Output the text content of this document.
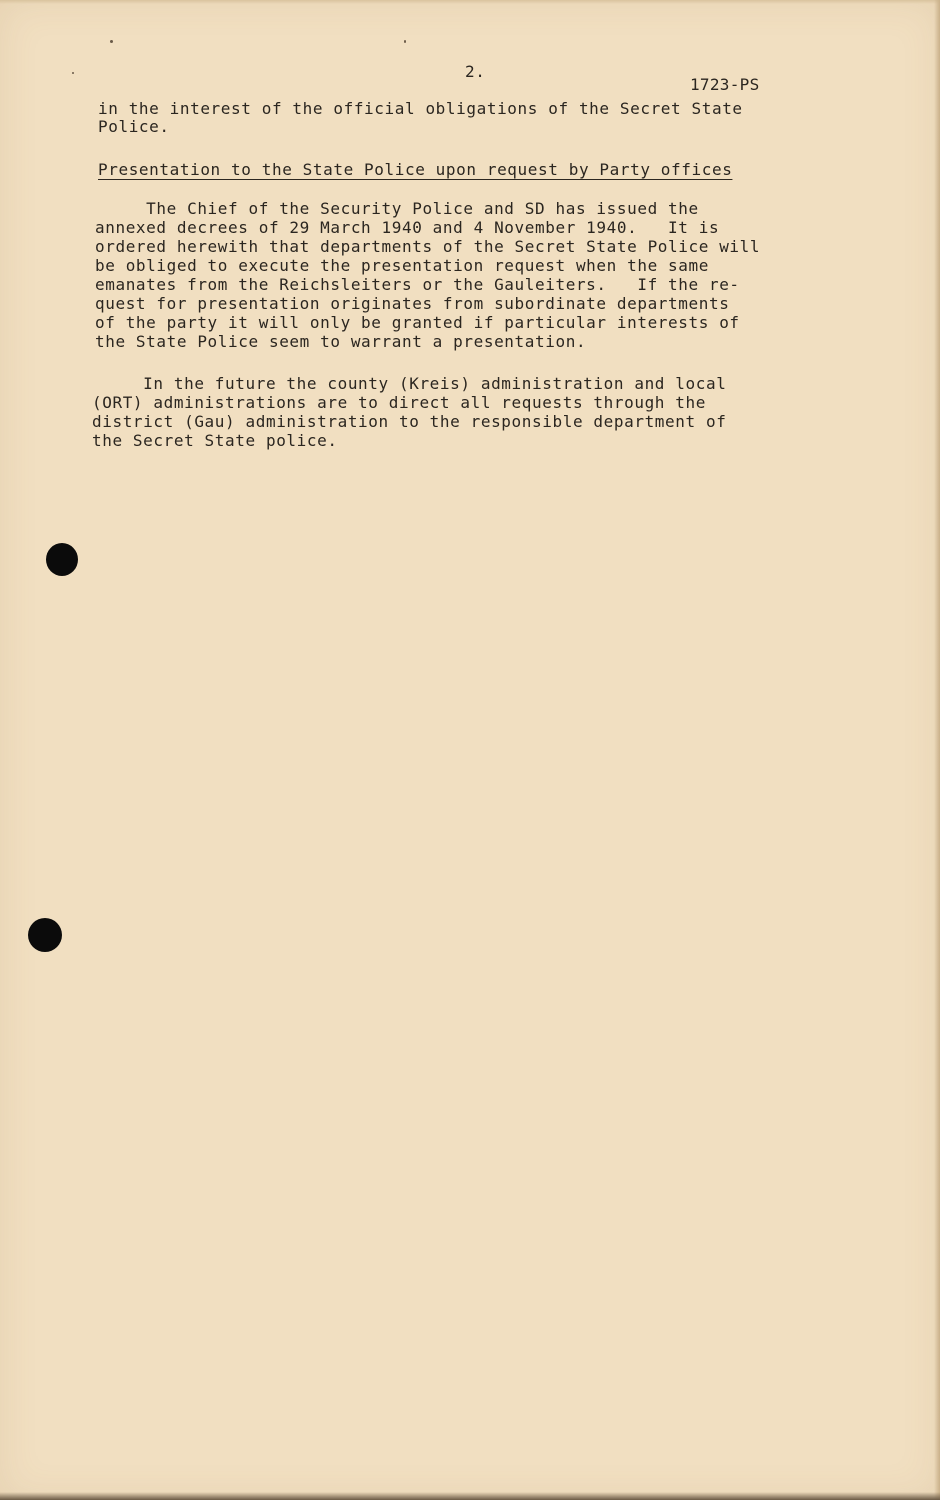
2.
1723-PS
in the interest of the official obligations of the Secret State
Police.
Presentation to the State Police upon request by Party offices
The Chief of the Security Police and SD has issued the
annexed decrees of 29 March 1940 and 4 November 1940.   It is
ordered herewith that departments of the Secret State Police will
be obliged to execute the presentation request when the same
emanates from the Reichsleiters or the Gauleiters.   If the re-
quest for presentation originates from subordinate departments
of the party it will only be granted if particular interests of
the State Police seem to warrant a presentation.
In the future the county (Kreis) administration and local
(ORT) administrations are to direct all requests through the
district (Gau) administration to the responsible department of
the Secret State police.
